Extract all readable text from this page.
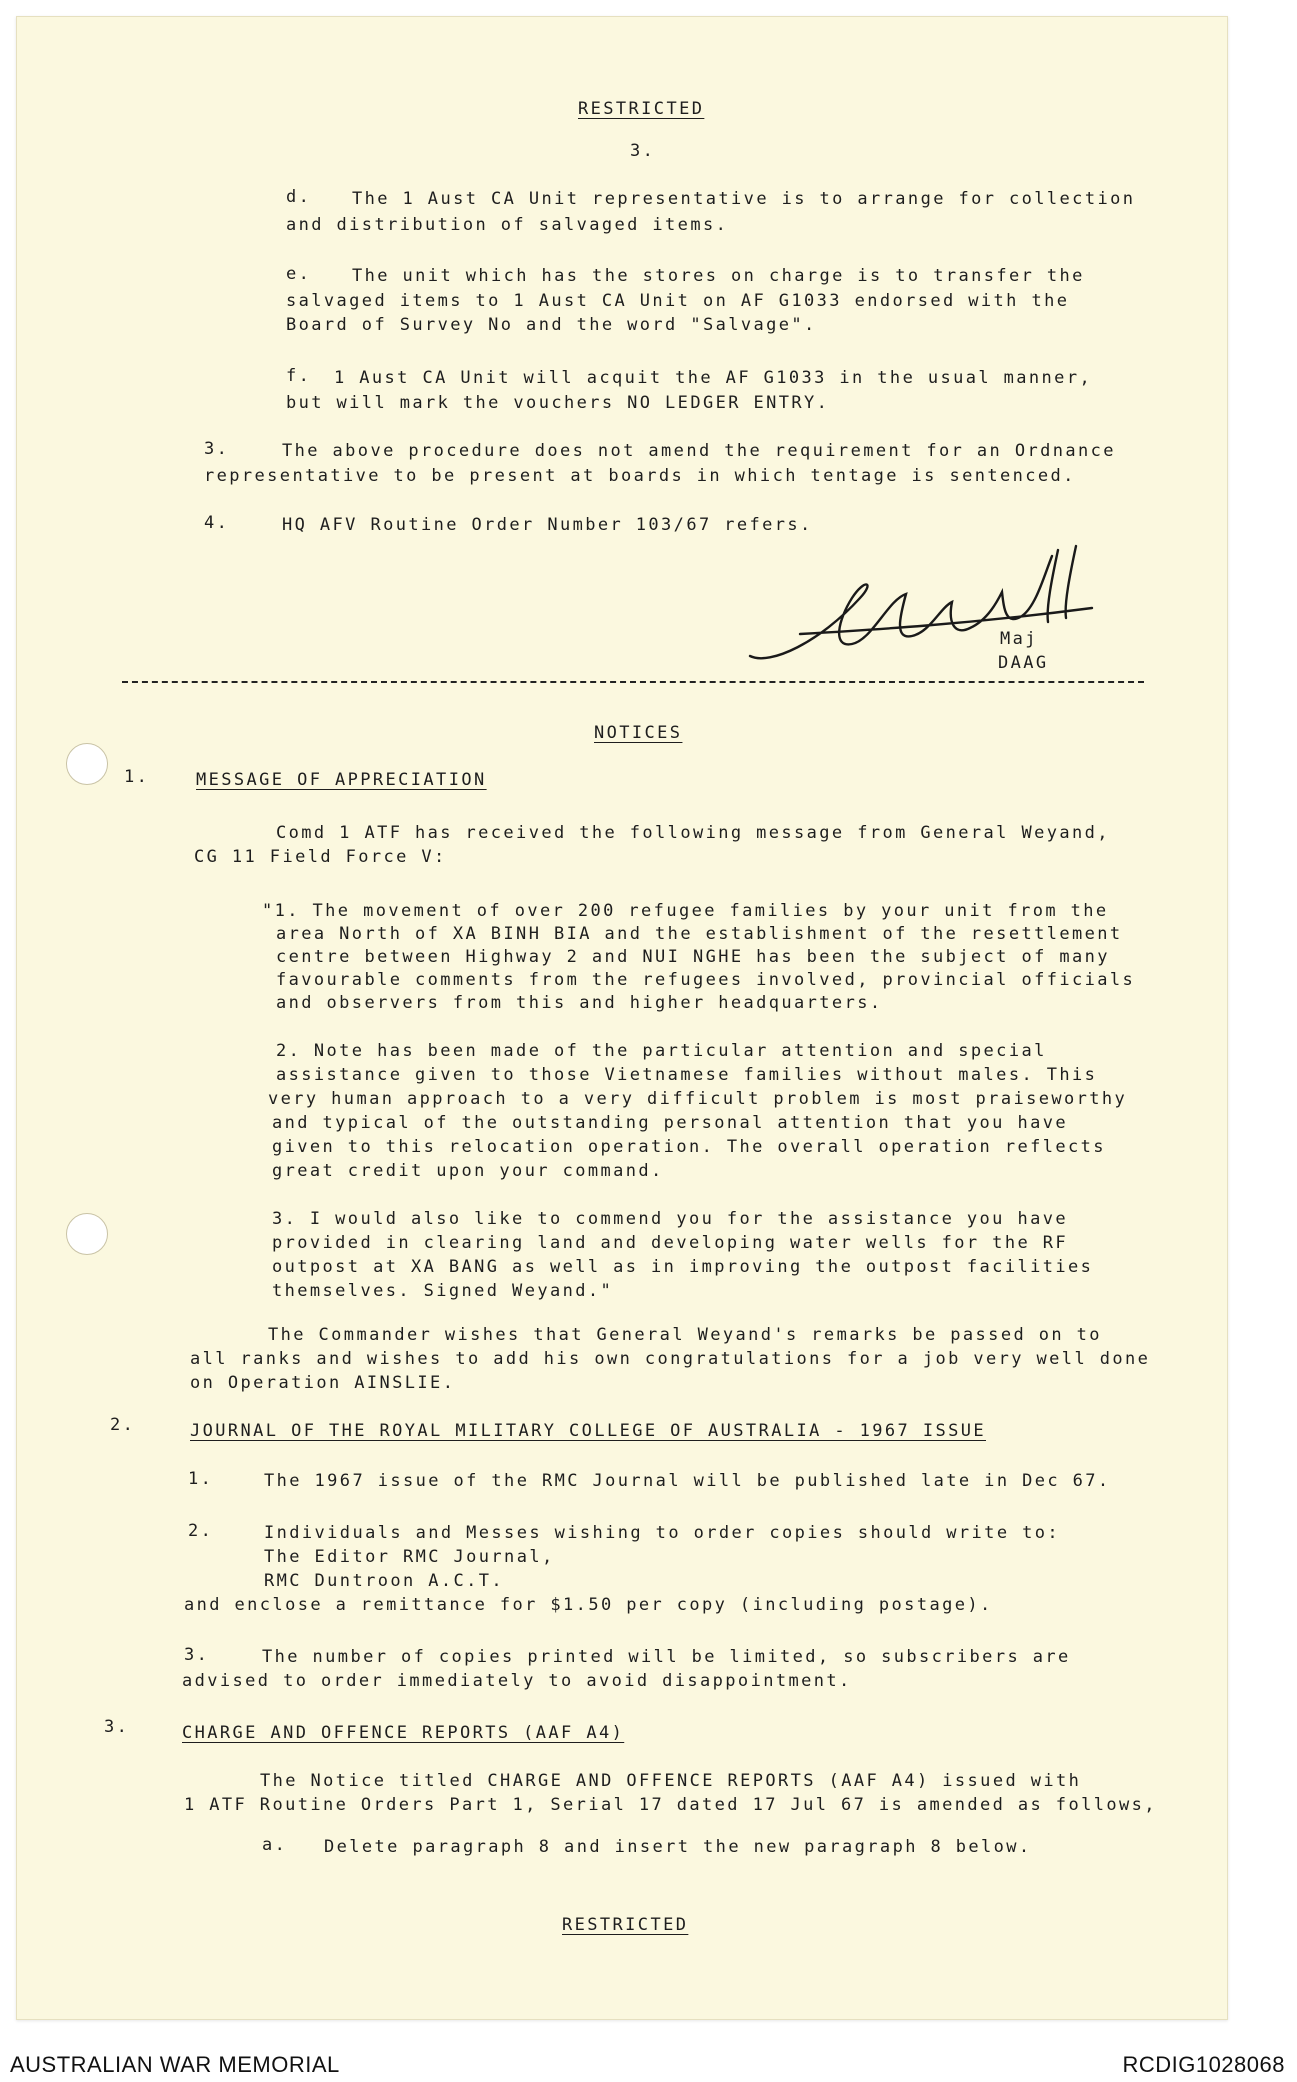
RESTRICTED
3.
d. The 1 Aust CA Unit representative is to arrange for collection
and distribution of salvaged items.
e. The unit which has the stores on charge is to transfer the
salvaged items to 1 Aust CA Unit on AF G1033 endorsed with the
Board of Survey No and the word "Salvage".
f. 1 Aust CA Unit will acquit the AF G1033 in the usual manner,
but will mark the vouchers NO LEDGER ENTRY.
3.	The above procedure does not amend the requirement for an Ordnance
representative to be present at boards in which tentage is sentenced.
4.	HQ AFV Routine Order Number 103/67 refers.
Maj
DAAG
NOTICES
1.	MESSAGE OF APPRECIATION
Comd 1 ATF has received the following message from General Weyand,
CG 11 Field Force V:
"1. The movement of over 200 refugee families by your unit from the
area North of XA BINH BIA and the establishment of the resettlement
centre between Highway 2 and NUI NGHE has been the subject of many
favourable comments from the refugees involved, provincial officials
and observers from this and higher headquarters.
2. Note has been made of the particular attention and special
assistance given to those Vietnamese families without males. This
very human approach to a very difficult problem is most praiseworthy
and typical of the outstanding personal attention that you have
given to this relocation operation. The overall operation reflects
great credit upon your command.
3. I would also like to commend you for the assistance you have
provided in clearing land and developing water wells for the RF
outpost at XA BANG as well as in improving the outpost facilities
themselves. Signed Weyand."
The Commander wishes that General Weyand's remarks be passed on to
all ranks and wishes to add his own congratulations for a job very well done
on Operation AINSLIE.
2.	JOURNAL OF THE ROYAL MILITARY COLLEGE OF AUSTRALIA - 1967 ISSUE
1.	The 1967 issue of the RMC Journal will be published late in Dec 67.
2.	Individuals and Messes wishing to order copies should write to:
The Editor RMC Journal,
RMC Duntroon A.C.T.
and enclose a remittance for $1.50 per copy (including postage).
3.	The number of copies printed will be limited, so subscribers are
advised to order immediately to avoid disappointment.
3.	CHARGE AND OFFENCE REPORTS (AAF A4)
The Notice titled CHARGE AND OFFENCE REPORTS (AAF A4) issued with
1 ATF Routine Orders Part 1, Serial 17 dated 17 Jul 67 is amended as follows,
a. Delete paragraph 8 and insert the new paragraph 8 below.
RESTRICTED
AUSTRALIAN WAR MEMORIAL	RCDIG1028068
